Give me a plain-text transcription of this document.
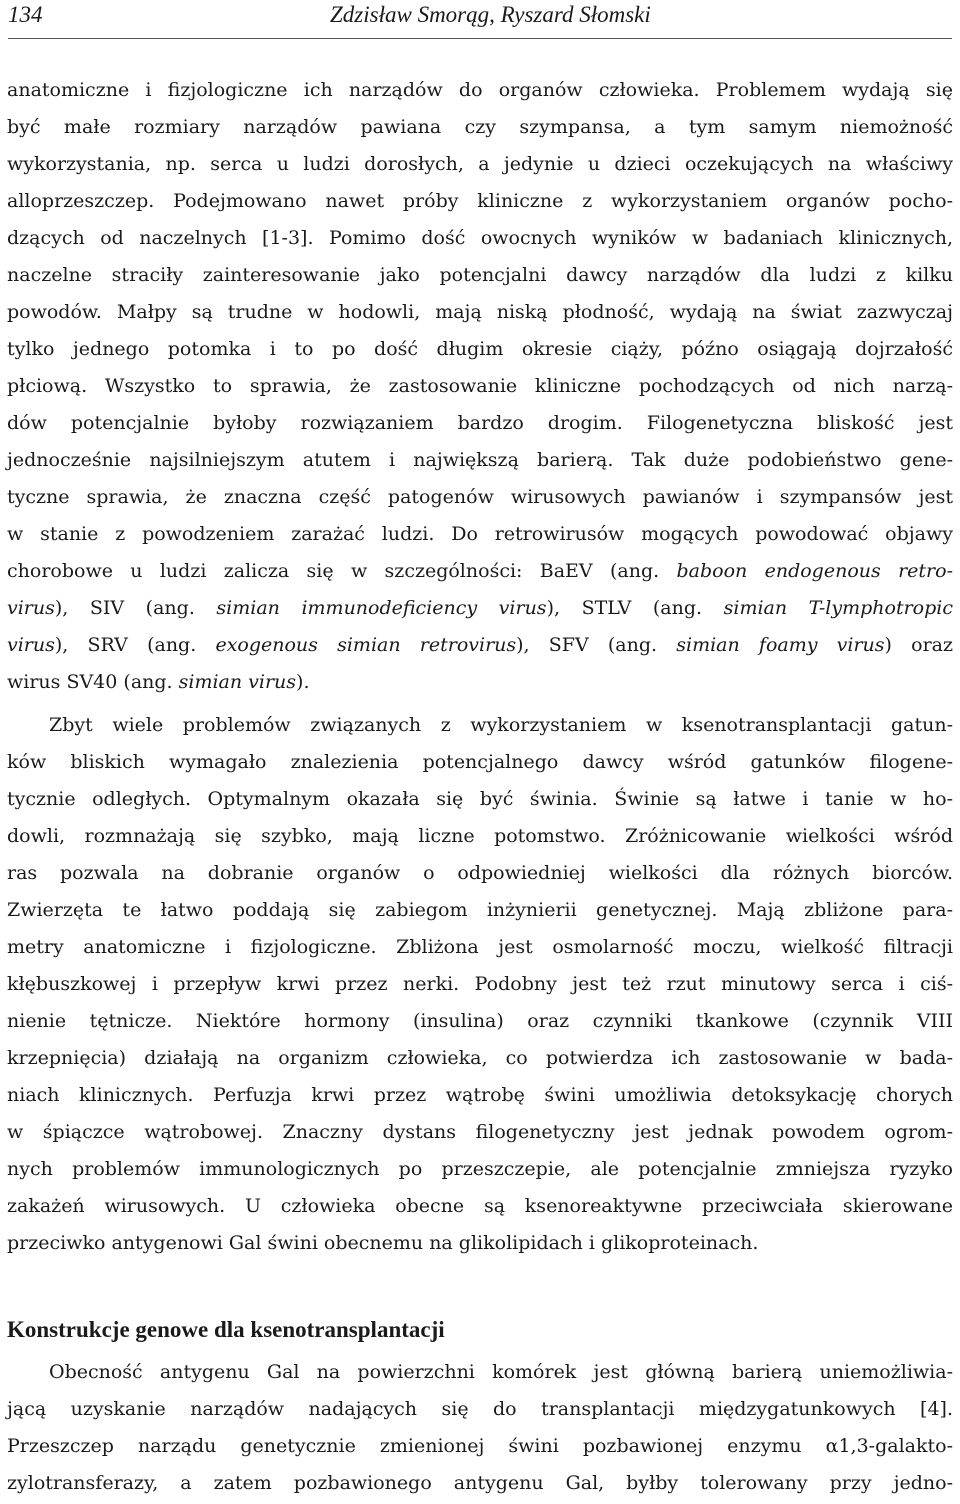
134	Zdzisław Smorąg, Ryszard Słomski
anatomiczne i fizjologiczne ich narządów do organów człowieka. Problemem wydają się
być małe rozmiary narządów pawiana czy szympansa, a tym samym niemożność
wykorzystania, np. serca u ludzi dorosłych, a jedynie u dzieci oczekujących na właściwy
alloprzeszczep. Podejmowano nawet próby kliniczne z wykorzystaniem organów pocho-
dzących od naczelnych [1-3]. Pomimo dość owocnych wyników w badaniach klinicznych,
naczelne straciły zainteresowanie jako potencjalni dawcy narządów dla ludzi z kilku
powodów. Małpy są trudne w hodowli, mają niską płodność, wydają na świat zazwyczaj
tylko jednego potomka i to po dość długim okresie ciąży, późno osiągają dojrzałość
płciową. Wszystko to sprawia, że zastosowanie kliniczne pochodzących od nich narzą-
dów potencjalnie byłoby rozwiązaniem bardzo drogim. Filogenetyczna bliskość jest
jednocześnie najsilniejszym atutem i największą barierą. Tak duże podobieństwo gene-
tyczne sprawia, że znaczna część patogenów wirusowych pawianów i szympansów jest
w stanie z powodzeniem zarażać ludzi. Do retrowirusów mogących powodować objawy
chorobowe u ludzi zalicza się w szczególności: BaEV (ang. baboon endogenous retro-
virus), SIV (ang. simian immunodeficiency virus), STLV (ang. simian T-lymphotropic
virus), SRV (ang. exogenous simian retrovirus), SFV (ang. simian foamy virus) oraz
wirus SV40 (ang. simian virus).
Zbyt wiele problemów związanych z wykorzystaniem w ksenotransplantacji gatun-
ków bliskich wymagało znalezienia potencjalnego dawcy wśród gatunków filogene-
tycznie odległych. Optymalnym okazała się być świnia. Świnie są łatwe i tanie w ho-
dowli, rozmnażają się szybko, mają liczne potomstwo. Zróżnicowanie wielkości wśród
ras pozwala na dobranie organów o odpowiedniej wielkości dla różnych biorców.
Zwierzęta te łatwo poddają się zabiegom inżynierii genetycznej. Mają zbliżone para-
metry anatomiczne i fizjologiczne. Zbliżona jest osmolarność moczu, wielkość filtracji
kłębuszkowej i przepływ krwi przez nerki. Podobny jest też rzut minutowy serca i ciś-
nienie tętnicze. Niektóre hormony (insulina) oraz czynniki tkankowe (czynnik VIII
krzepnięcia) działają na organizm człowieka, co potwierdza ich zastosowanie w bada-
niach klinicznych. Perfuzja krwi przez wątrobę świni umożliwia detoksykację chorych
w śpiączce wątrobowej. Znaczny dystans filogenetyczny jest jednak powodem ogrom-
nych problemów immunologicznych po przeszczepie, ale potencjalnie zmniejsza ryzyko
zakażeń wirusowych. U człowieka obecne są ksenoreaktywne przeciwciała skierowane
przeciwko antygenowi Gal świni obecnemu na glikolipidach i glikoproteinach.
Konstrukcje genowe dla ksenotransplantacji
Obecność antygenu Gal na powierzchni komórek jest główną barierą uniemożliwia-
jącą uzyskanie narządów nadających się do transplantacji międzygatunkowych [4].
Przeszczep narządu genetycznie zmienionej świni pozbawionej enzymu α1,3-galakto-
zylotransferazy, a zatem pozbawionego antygenu Gal, byłby tolerowany przy jedno-
